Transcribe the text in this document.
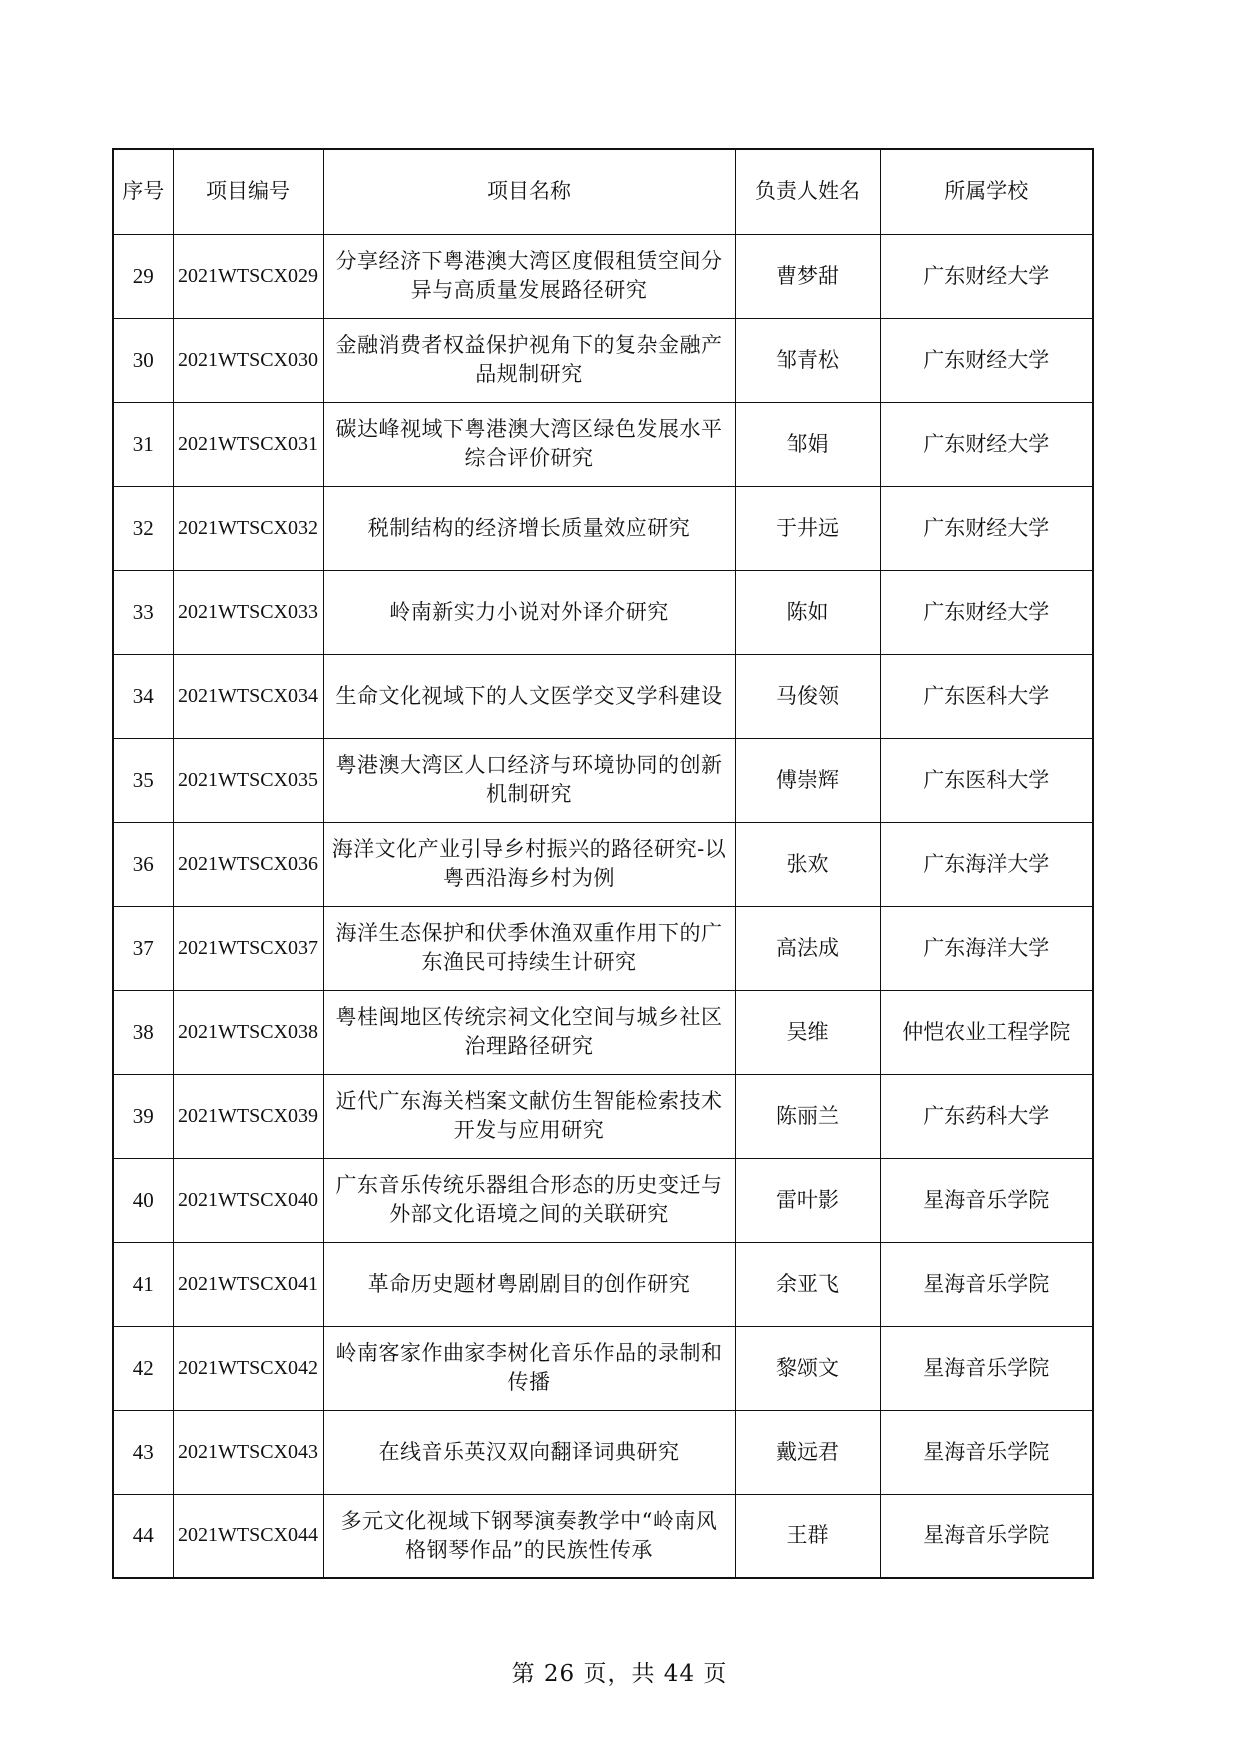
序号	项目编号	项目名称	负责人姓名	所属学校
29	2021WTSCX029	分享经济下粤港澳大湾区度假租赁空间分异与高质量发展路径研究	曹梦甜	广东财经大学
30	2021WTSCX030	金融消费者权益保护视角下的复杂金融产品规制研究	邹青松	广东财经大学
31	2021WTSCX031	碳达峰视域下粤港澳大湾区绿色发展水平综合评价研究	邹娟	广东财经大学
32	2021WTSCX032	税制结构的经济增长质量效应研究	于井远	广东财经大学
33	2021WTSCX033	岭南新实力小说对外译介研究	陈如	广东财经大学
34	2021WTSCX034	生命文化视域下的人文医学交叉学科建设	马俊领	广东医科大学
35	2021WTSCX035	粤港澳大湾区人口经济与环境协同的创新机制研究	傅崇辉	广东医科大学
36	2021WTSCX036	海洋文化产业引导乡村振兴的路径研究-以粤西沿海乡村为例	张欢	广东海洋大学
37	2021WTSCX037	海洋生态保护和伏季休渔双重作用下的广东渔民可持续生计研究	高法成	广东海洋大学
38	2021WTSCX038	粤桂闽地区传统宗祠文化空间与城乡社区治理路径研究	吴维	仲恺农业工程学院
39	2021WTSCX039	近代广东海关档案文献仿生智能检索技术开发与应用研究	陈丽兰	广东药科大学
40	2021WTSCX040	广东音乐传统乐器组合形态的历史变迁与外部文化语境之间的关联研究	雷叶影	星海音乐学院
41	2021WTSCX041	革命历史题材粤剧剧目的创作研究	余亚飞	星海音乐学院
42	2021WTSCX042	岭南客家作曲家李树化音乐作品的录制和传播	黎颂文	星海音乐学院
43	2021WTSCX043	在线音乐英汉双向翻译词典研究	戴远君	星海音乐学院
44	2021WTSCX044	多元文化视域下钢琴演奏教学中“岭南风格钢琴作品”的民族性传承	王群	星海音乐学院
第 26 页，共 44 页
